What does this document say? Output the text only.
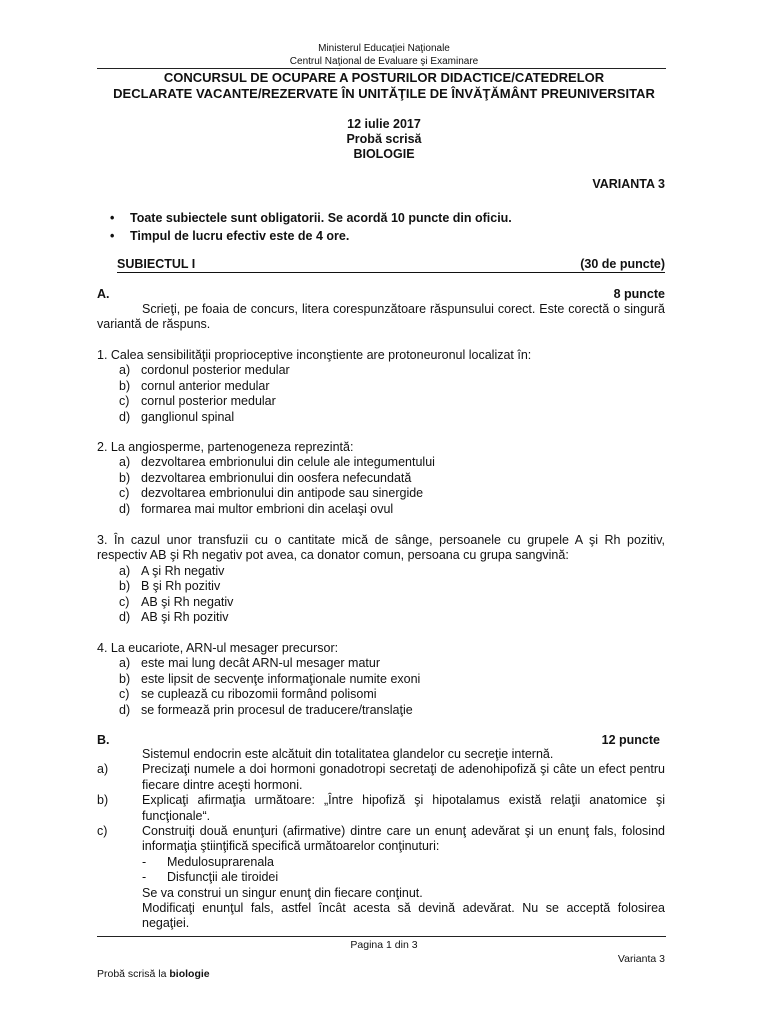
Ministerul Educaţiei Naţionale
Centrul Naţional de Evaluare şi Examinare
CONCURSUL DE OCUPARE A POSTURILOR DIDACTICE/CATEDRELOR
DECLARATE VACANTE/REZERVATE ÎN UNITĂŢILE DE ÎNVĂŢĂMÂNT PREUNIVERSITAR
12 iulie 2017
Probă scrisă
BIOLOGIE
VARIANTA 3
• Toate subiectele sunt obligatorii. Se acordă 10 puncte din oficiu.
• Timpul de lucru efectiv este de 4 ore.
SUBIECTUL I	(30 de puncte)
A.	8 puncte
Scrieţi, pe foaia de concurs, litera corespunzătoare răspunsului corect. Este corectă o singură variantă de răspuns.
1. Calea sensibilităţii proprioceptive inconştiente are protoneuronul localizat în:
a) cordonul posterior medular
b) cornul anterior medular
c) cornul posterior medular
d) ganglionul spinal
2. La angiosperme, partenogeneza reprezintă:
a) dezvoltarea embrionului din celule ale integumentului
b) dezvoltarea embrionului din oosfera nefecundată
c) dezvoltarea embrionului din antipode sau sinergide
d) formarea mai multor embrioni din acelaşi ovul
3. În cazul unor transfuzii cu o cantitate mică de sânge, persoanele cu grupele A şi Rh pozitiv, respectiv AB şi Rh negativ pot avea, ca donator comun, persoana cu grupa sangvină:
a) A şi Rh negativ
b) B şi Rh pozitiv
c) AB şi Rh negativ
d) AB şi Rh pozitiv
4. La eucariote, ARN-ul mesager precursor:
a) este mai lung decât ARN-ul mesager matur
b) este lipsit de secvenţe informaţionale numite exoni
c) se cuplează cu ribozomii formând polisomi
d) se formează prin procesul de traducere/translaţie
B.	12 puncte
Sistemul endocrin este alcătuit din totalitatea glandelor cu secreţie internă.
a)	Precizaţi numele a doi hormoni gonadotropi secretaţi de adenohipofiză şi câte un efect pentru fiecare dintre aceşti hormoni.
b)	Explicaţi afirmaţia următoare: „Între hipofiză şi hipotalamus există relaţii anatomice şi funcţionale“.
c)	Construiţi două enunţuri (afirmative) dintre care un enunţ adevărat şi un enunţ fals, folosind informaţia ştiinţifică specifică următoarelor conţinuturi:
- Medulosuprarenala
- Disfuncţii ale tiroidei
Se va construi un singur enunţ din fiecare conţinut.
Modificaţi enunţul fals, astfel încât acesta să devină adevărat. Nu se acceptă folosirea negaţiei.
Pagina 1 din 3
Varianta 3
Probă scrisă la biologie
